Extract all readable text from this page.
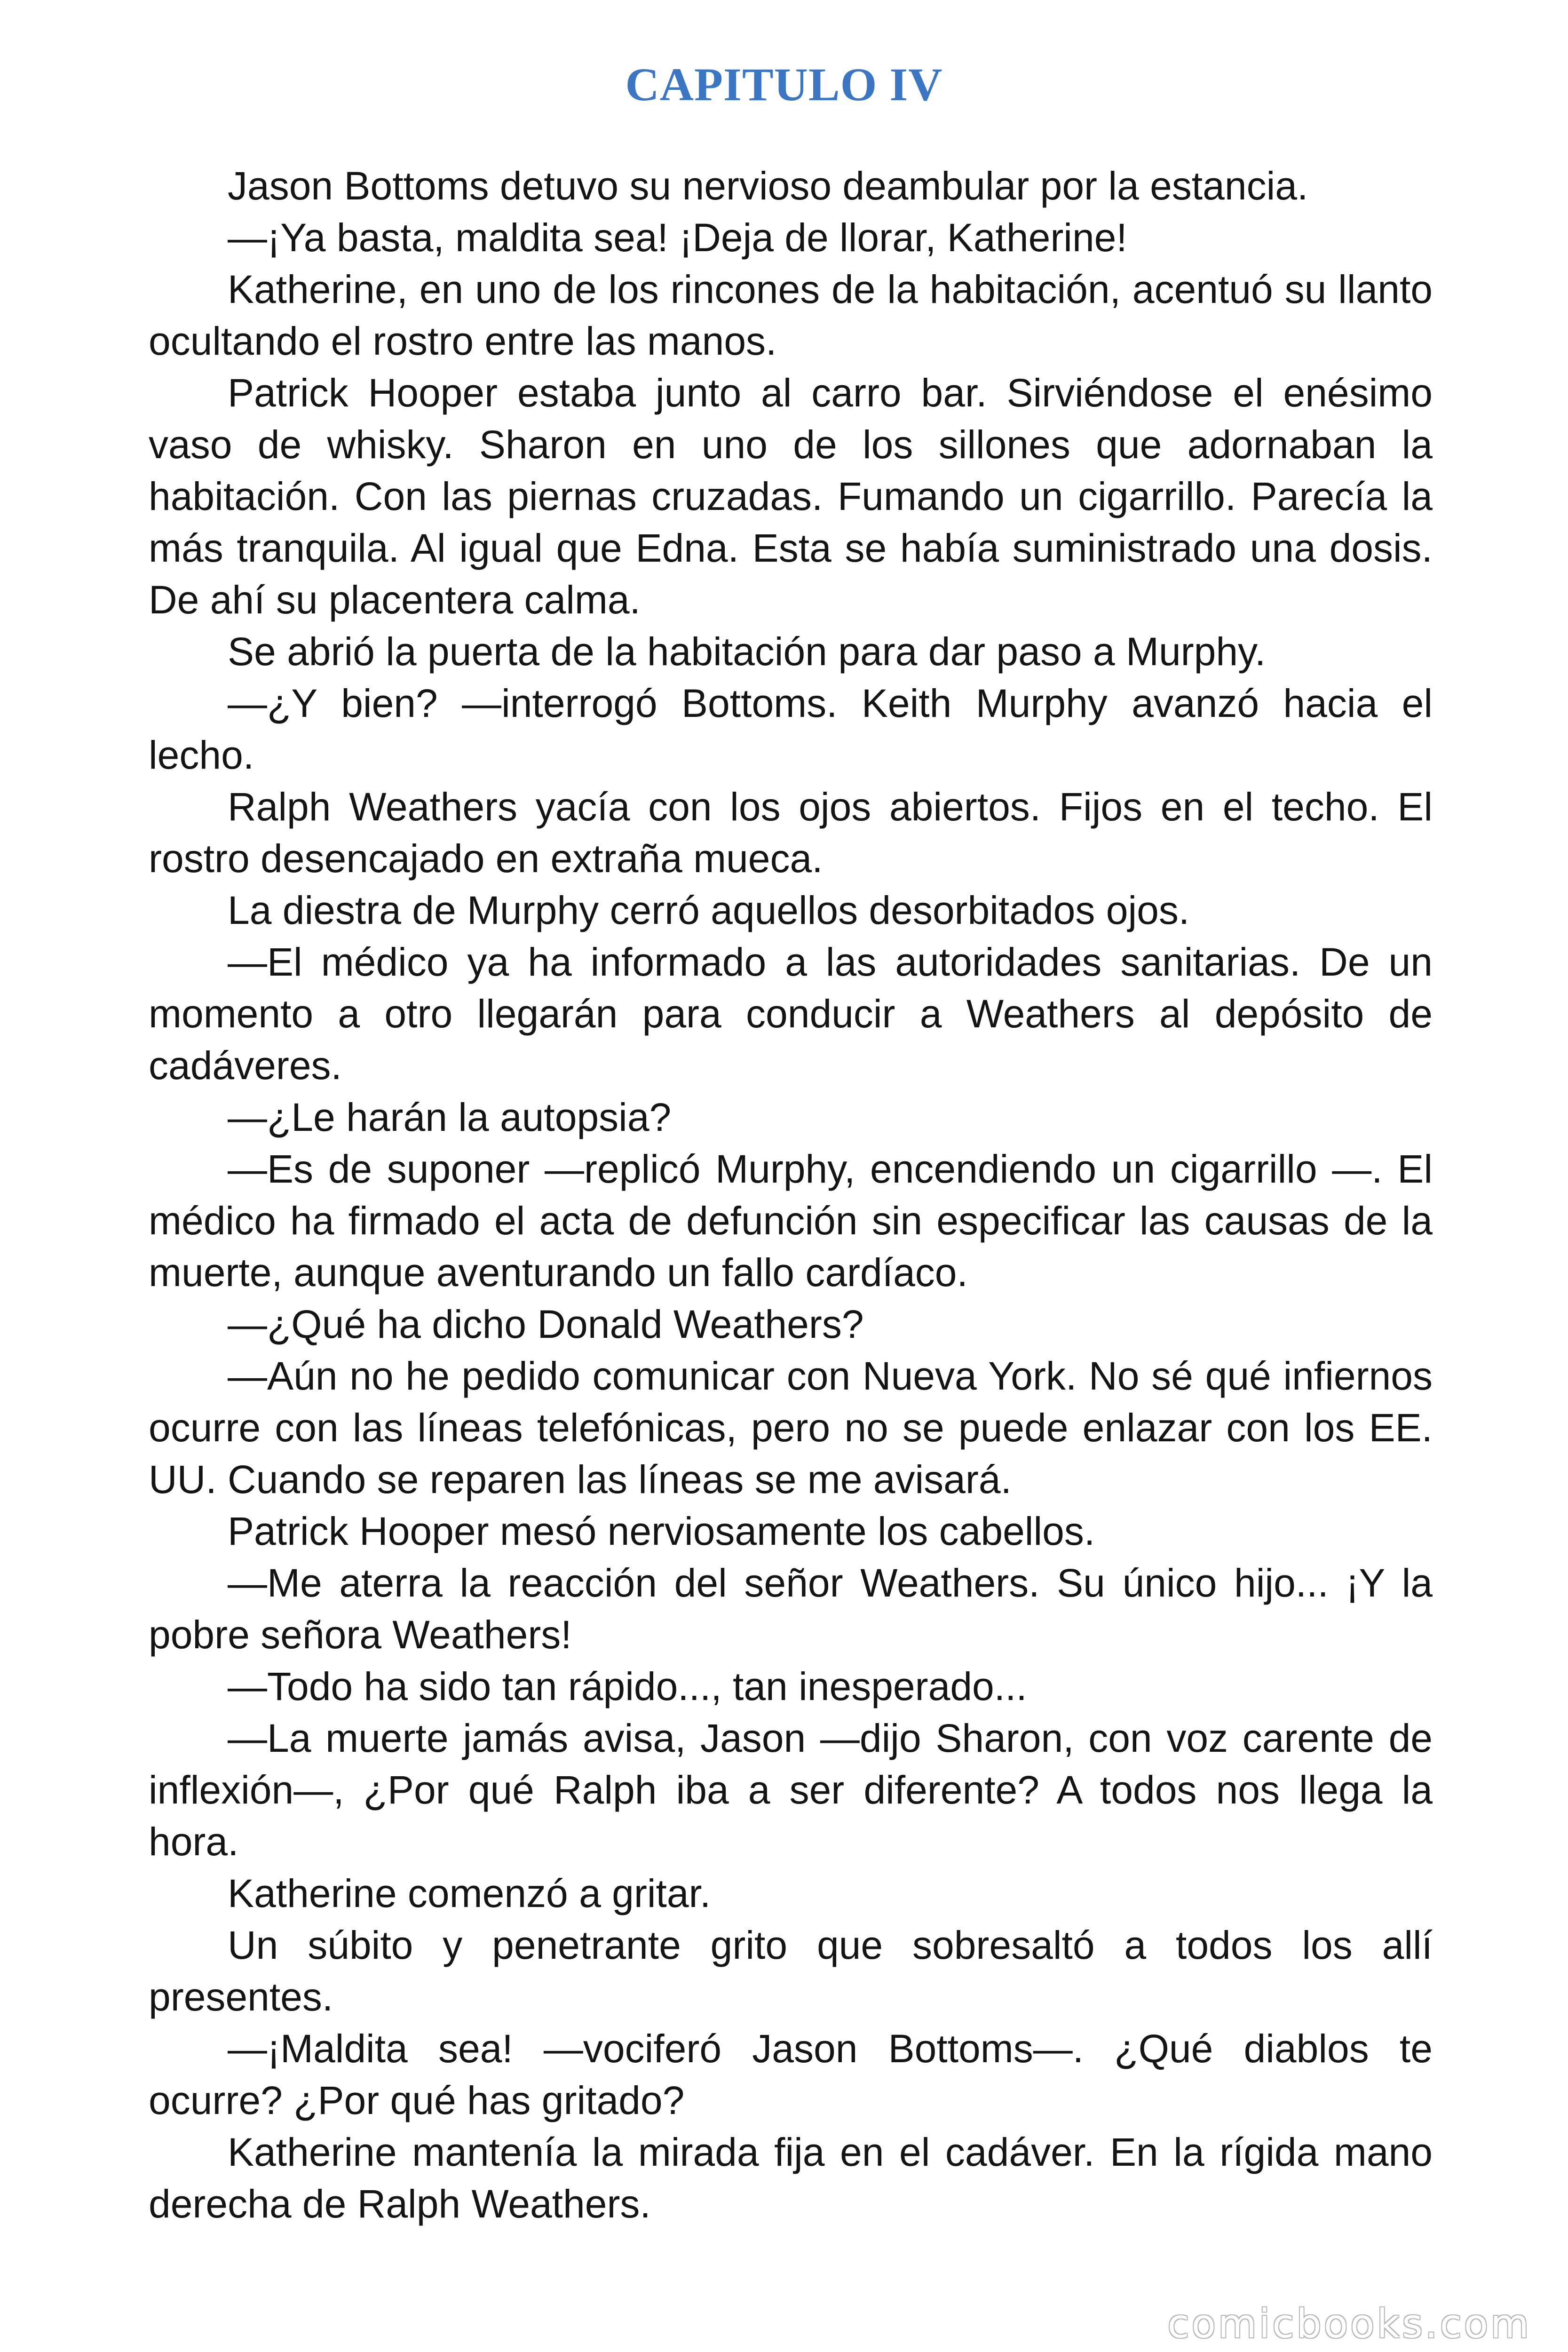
CAPITULO IV

Jason Bottoms detuvo su nervioso deambular por la estancia.

—¡Ya basta, maldita sea! ¡Deja de llorar, Katherine!

Katherine, en uno de los rincones de la habitación, acentuó su llanto ocultando el rostro entre las manos.

Patrick Hooper estaba junto al carro bar. Sirviéndose el enésimo vaso de whisky. Sharon en uno de los sillones que adornaban la habitación. Con las piernas cruzadas. Fumando un cigarrillo. Parecía la más tranquila. Al igual que Edna. Esta se había suministrado una dosis. De ahí su placentera calma.

Se abrió la puerta de la habitación para dar paso a Murphy.

—¿Y bien? —interrogó Bottoms. Keith Murphy avanzó hacia el lecho.

Ralph Weathers yacía con los ojos abiertos. Fijos en el techo. El rostro desencajado en extraña mueca.

La diestra de Murphy cerró aquellos desorbitados ojos.

—El médico ya ha informado a las autoridades sanitarias. De un momento a otro llegarán para conducir a Weathers al depósito de cadáveres.

—¿Le harán la autopsia?

—Es de suponer —replicó Murphy, encendiendo un cigarrillo —. El médico ha firmado el acta de defunción sin especificar las causas de la muerte, aunque aventurando un fallo cardíaco.

—¿Qué ha dicho Donald Weathers?

—Aún no he pedido comunicar con Nueva York. No sé qué infiernos ocurre con las líneas telefónicas, pero no se puede enlazar con los EE. UU. Cuando se reparen las líneas se me avisará.

Patrick Hooper mesó nerviosamente los cabellos.

—Me aterra la reacción del señor Weathers. Su único hijo... ¡Y la pobre señora Weathers!

—Todo ha sido tan rápido..., tan inesperado...

—La muerte jamás avisa, Jason —dijo Sharon, con voz carente de inflexión—, ¿Por qué Ralph iba a ser diferente? A todos nos llega la hora.

Katherine comenzó a gritar.

Un súbito y penetrante grito que sobresaltó a todos los allí presentes.

—¡Maldita sea! —vociferó Jason Bottoms—. ¿Qué diablos te ocurre? ¿Por qué has gritado?

Katherine mantenía la mirada fija en el cadáver. En la rígida mano derecha de Ralph Weathers.

comicbooks.com
